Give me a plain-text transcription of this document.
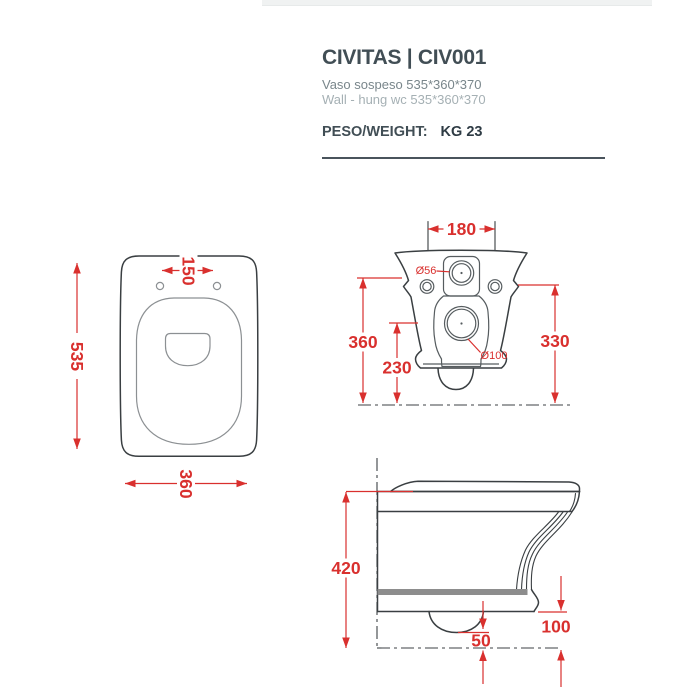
CIVITAS | CIV001
Vaso sospeso 535*360*370
Wall - hung wc 535*360*370
PESO/WEIGHT: KG 23
535
150
360
Ø56
Ø100
180
360
230
330
420
100
50
